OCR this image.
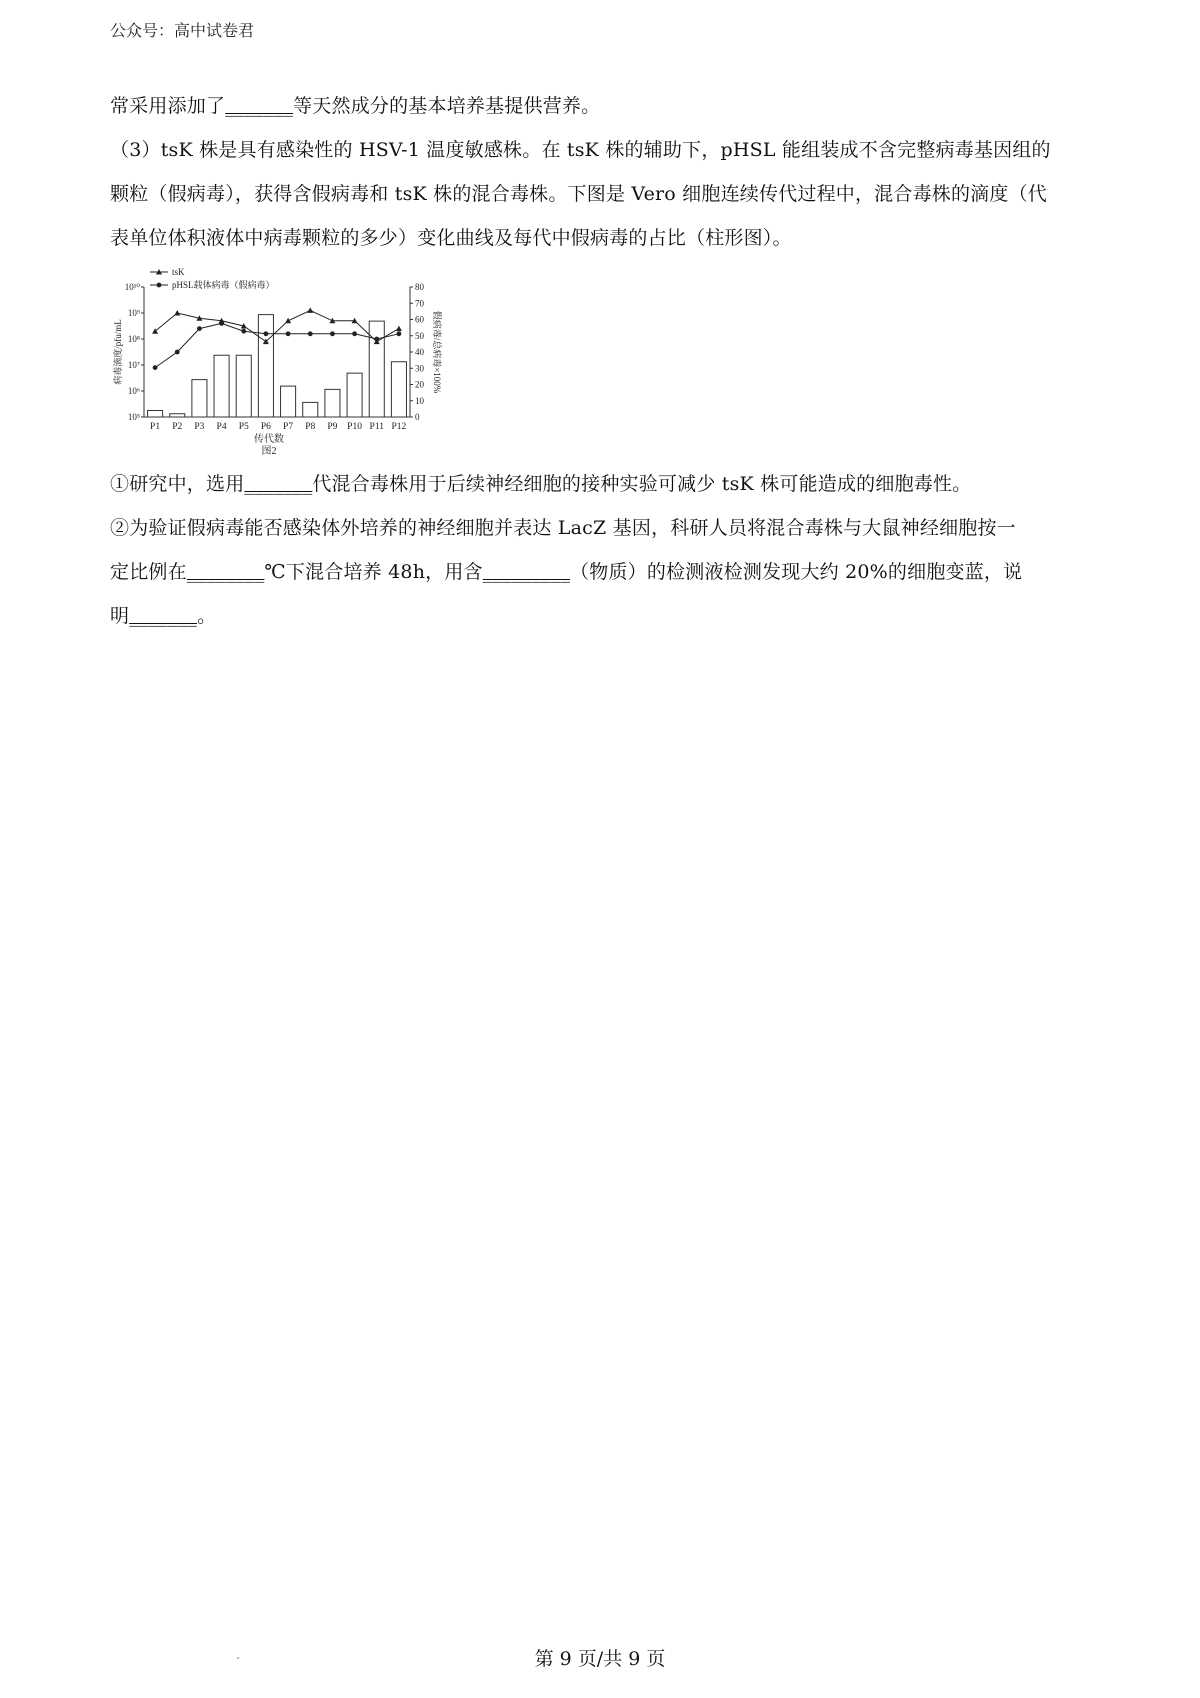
公众号：高中试卷君
常采用添加了_______等天然成分的基本培养基提供营养。
（3）tsK 株是具有感染性的 HSV-1 温度敏感株。在 tsK 株的辅助下，pHSL 能组装成不含完整病毒基因组的
颗粒（假病毒），获得含假病毒和 tsK 株的混合毒株。下图是 Vero 细胞连续传代过程中，混合毒株的滴度（代
表单位体积液体中病毒颗粒的多少）变化曲线及每代中假病毒的占比（柱形图）。
10⁵
10⁶
10⁷
10⁸
10⁹
10¹⁰
0
10
20
30
40
50
60
70
80
P1 P2 P3 P4 P5 P6 P7 P8 P9 P10 P11 P12
tsK
pHSL载体病毒（假病毒）
病毒滴度/pfu/mL	假病毒/总病毒×100%
传代数
图2
①研究中，选用_______代混合毒株用于后续神经细胞的接种实验可减少 tsK 株可能造成的细胞毒性。
②为验证假病毒能否感染体外培养的神经细胞并表达 LacZ 基因，科研人员将混合毒株与大鼠神经细胞按一
定比例在________℃下混合培养 48h，用含_________（物质）的检测液检测发现大约 20%的细胞变蓝，说
明_______。
第 9 页/共 9 页
